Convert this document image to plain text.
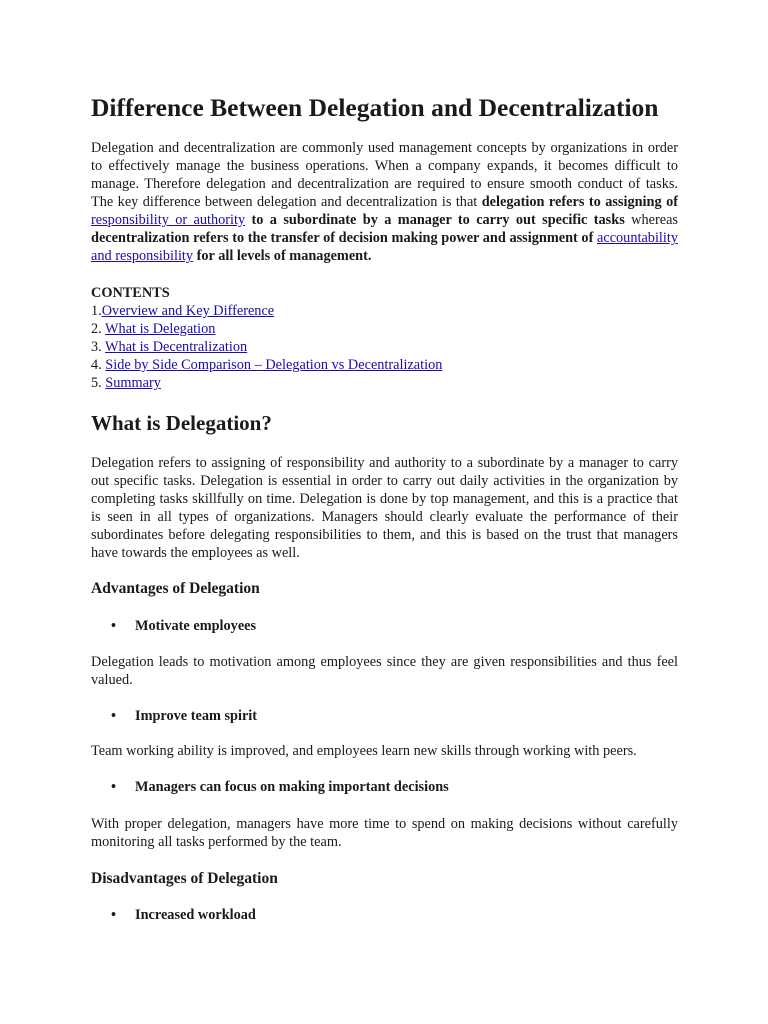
Difference Between Delegation and Decentralization

Delegation and decentralization are commonly used management concepts by organizations in order to effectively manage the business operations. When a company expands, it becomes difficult to manage. Therefore delegation and decentralization are required to ensure smooth conduct of tasks. The key difference between delegation and decentralization is that delegation refers to assigning of responsibility or authority to a subordinate by a manager to carry out specific tasks whereas decentralization refers to the transfer of decision making power and assignment of accountability and responsibility for all levels of management.

CONTENTS
1.Overview and Key Difference
2. What is Delegation
3. What is Decentralization
4. Side by Side Comparison – Delegation vs Decentralization
5. Summary
What is Delegation?

Delegation refers to assigning of responsibility and authority to a subordinate by a manager to carry out specific tasks. Delegation is essential in order to carry out daily activities in the organization by completing tasks skillfully on time. Delegation is done by top management, and this is a practice that is seen in all types of organizations. Managers should clearly evaluate the performance of their subordinates before delegating responsibilities to them, and this is based on the trust that managers have towards the employees as well.

Advantages of Delegation
• Motivate employees

Delegation leads to motivation among employees since they are given responsibilities and thus feel valued.

• Improve team spirit

Team working ability is improved, and employees learn new skills through working with peers.

• Managers can focus on making important decisions

With proper delegation, managers have more time to spend on making decisions without carefully monitoring all tasks performed by the team.

Disadvantages of Delegation
• Increased workload
